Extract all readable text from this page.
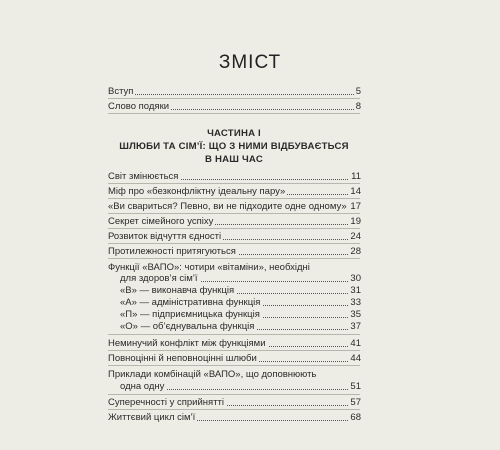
ЗМІСТ
Вступ	5
Слово подяки	8
ЧАСТИНА І
ШЛЮБИ ТА СІМ’Ї: ЩО З НИМИ ВІДБУВАЄТЬСЯ
В НАШ ЧАС
Світ змінюється	11
Міф про «безконфліктну ідеальну пару»	14
«Ви свариться? Певно, ви не підходите одне одному» 17
Секрет сімейного успіху	19
Розвиток відчуття єдності	24
Протилежності притягуються	28
Функції «ВАПО»: чотири «вітаміни», необхідні
для здоров’я сім’ї	30
«В» — виконавча функція	31
«А» — адміністративна функція	33
«П» — підприємницька функція	35
«О» — об’єднувальна функція	37
Неминучий конфлікт між функціями	41
Повноцінні й неповноцінні шлюби	44
Приклади комбінацій «ВАПО», що доповнюють
одна одну	51
Суперечності у сприйнятті	57
Життєвий цикл сім’ї	68
